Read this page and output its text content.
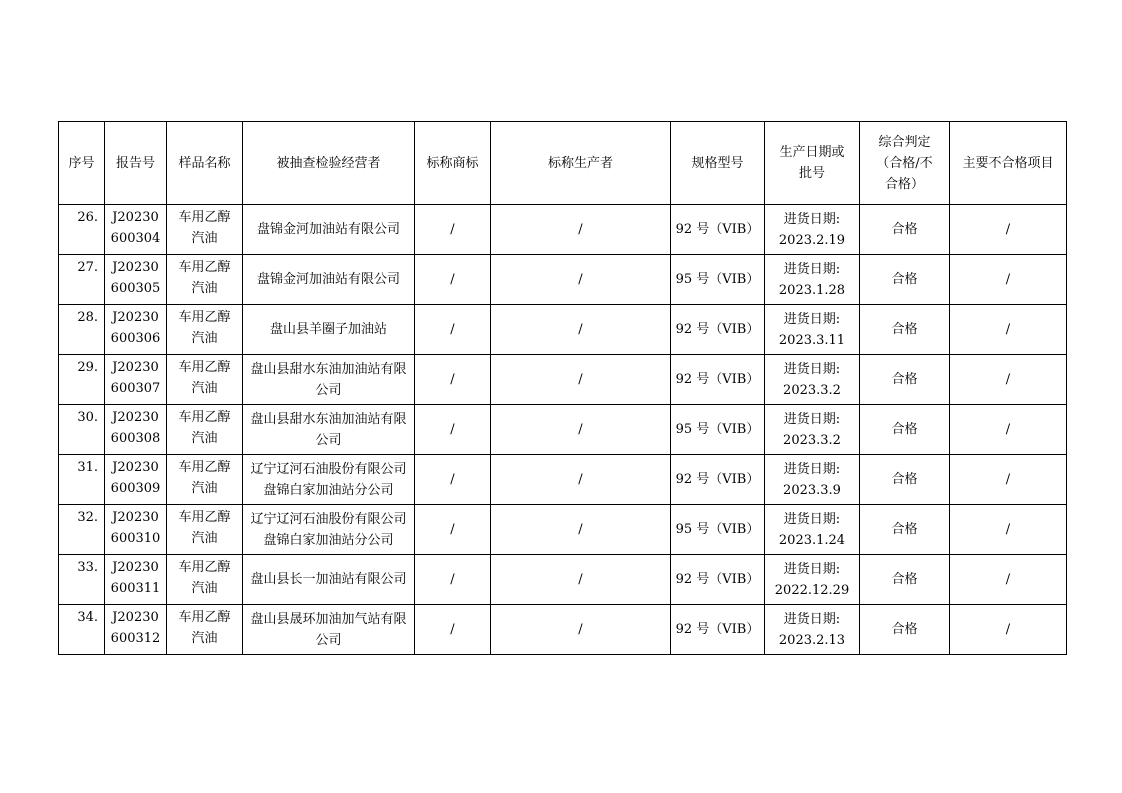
序号	报告号	样品名称	被抽查检验经营者	标称商标	标称生产者	规格型号	生产日期或
批号	综合判定
（合格/不
合格）	主要不合格项目
26.	J20230
600304	车用乙醇
汽油	盘锦金河加油站有限公司	/	/	92 号（VIB）	进货日期:
2023.2.19	合格	/
27.	J20230
600305	车用乙醇
汽油	盘锦金河加油站有限公司	/	/	95 号（VIB）	进货日期:
2023.1.28	合格	/
28.	J20230
600306	车用乙醇
汽油	盘山县羊圈子加油站	/	/	92 号（VIB）	进货日期:
2023.3.11	合格	/
29.	J20230
600307	车用乙醇
汽油	盘山县甜水东油加油站有限公司	/	/	92 号（VIB）	进货日期:
2023.3.2	合格	/
30.	J20230
600308	车用乙醇
汽油	盘山县甜水东油加油站有限公司	/	/	95 号（VIB）	进货日期:
2023.3.2	合格	/
31.	J20230
600309	车用乙醇
汽油	辽宁辽河石油股份有限公司盘锦白家加油站分公司	/	/	92 号（VIB）	进货日期:
2023.3.9	合格	/
32.	J20230
600310	车用乙醇
汽油	辽宁辽河石油股份有限公司盘锦白家加油站分公司	/	/	95 号（VIB）	进货日期:
2023.1.24	合格	/
33.	J20230
600311	车用乙醇
汽油	盘山县长一加油站有限公司	/	/	92 号（VIB）	进货日期:
2022.12.29	合格	/
34.	J20230
600312	车用乙醇
汽油	盘山县晟环加油加气站有限公司	/	/	92 号（VIB）	进货日期:
2023.2.13	合格	/
